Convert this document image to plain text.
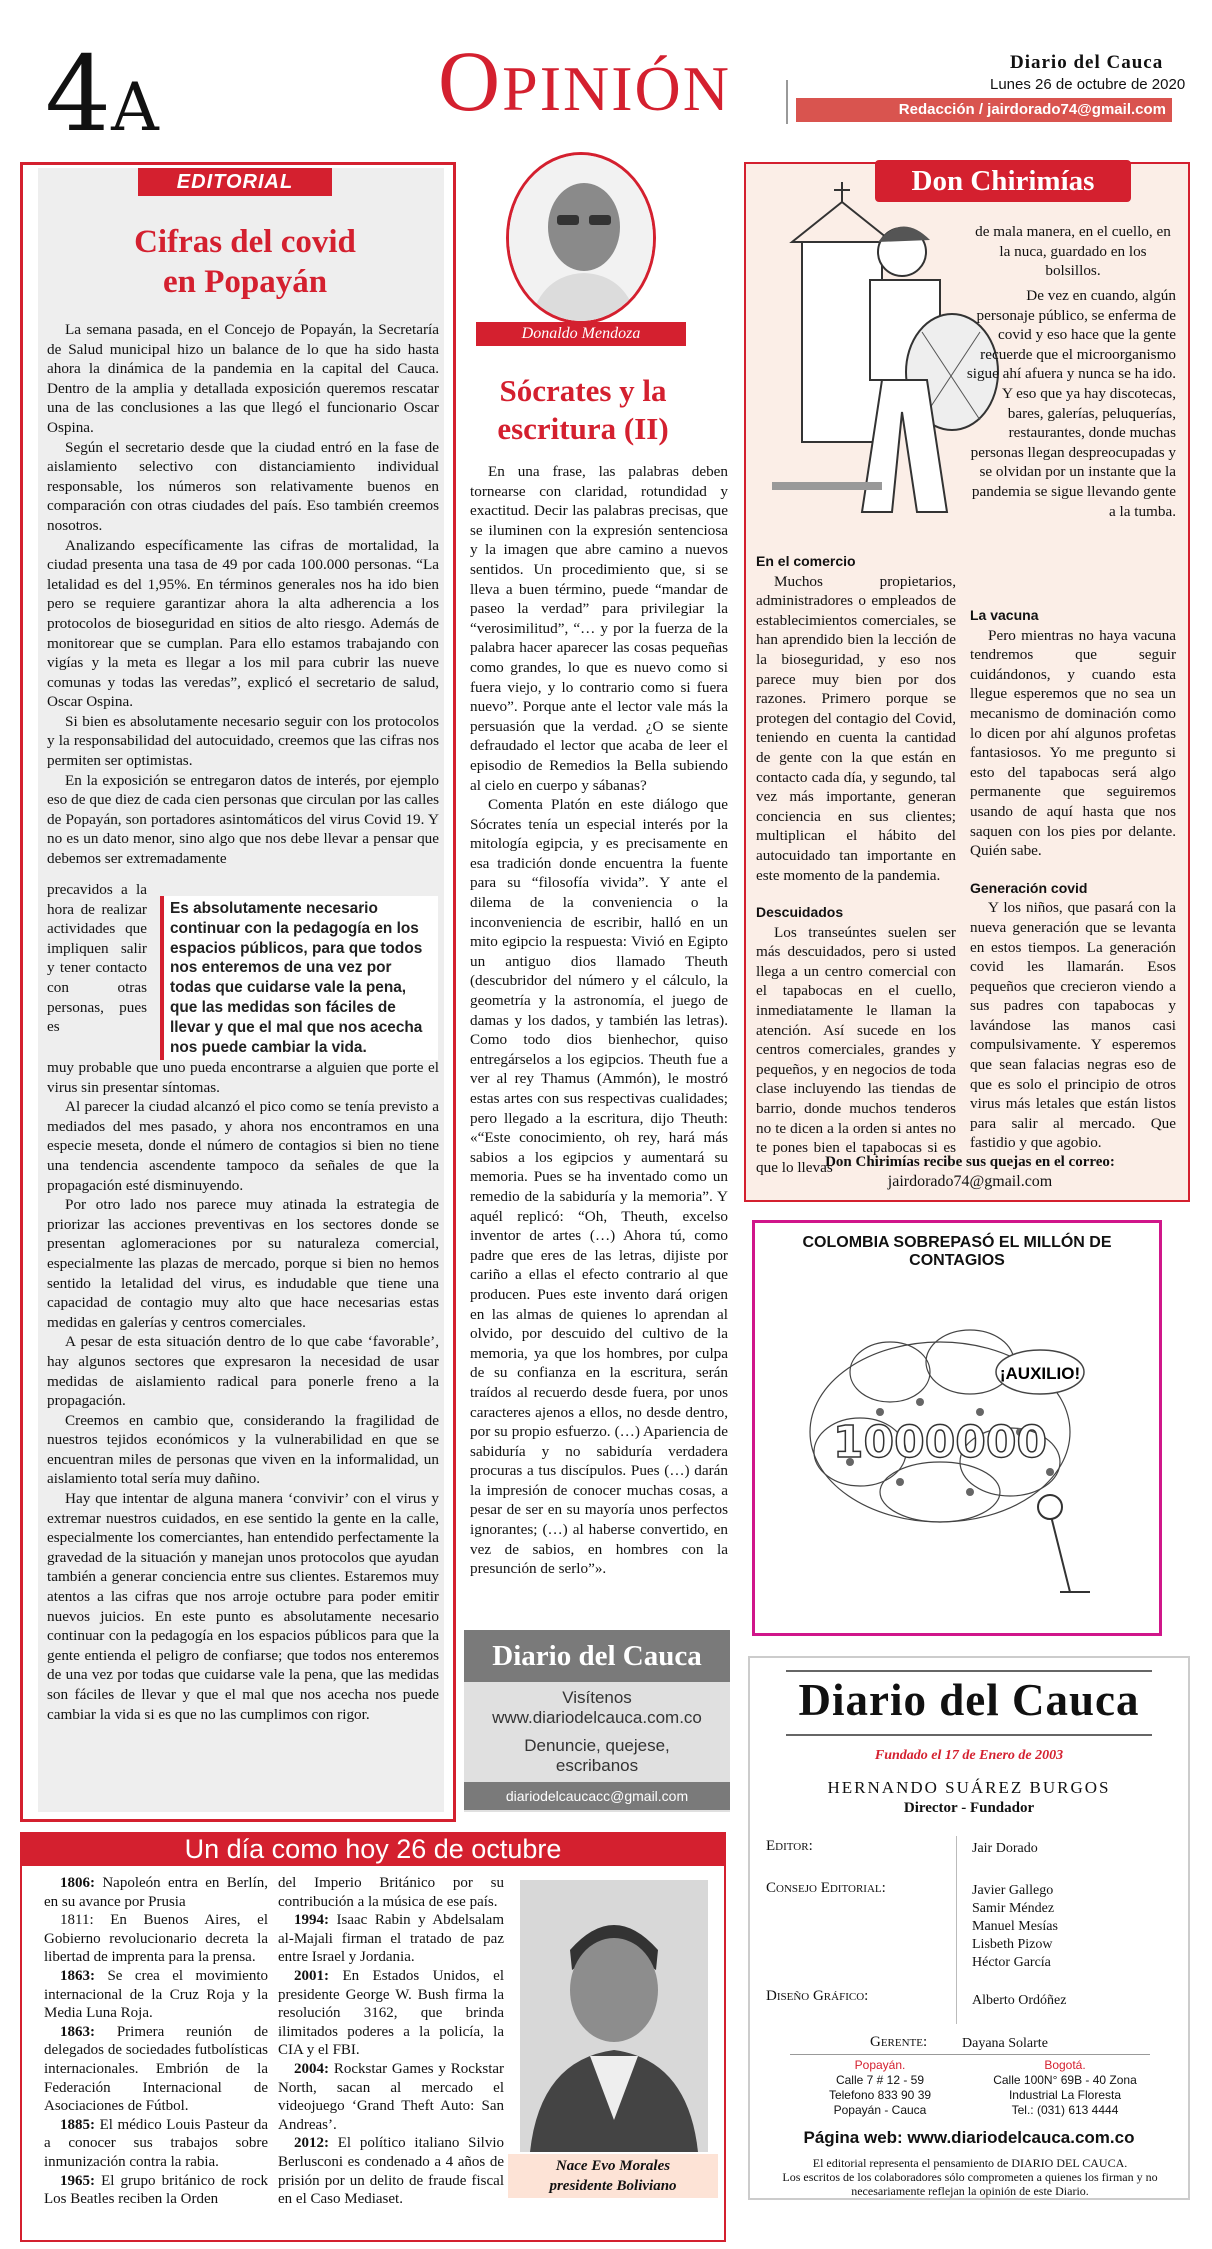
4A	OPINIÓN	Diario del Cauca
Lunes 26 de octubre de 2020
Redacción / jairdorado74@gmail.com
EDITORIAL
Cifras del covid
en Popayán

La semana pasada, en el Concejo de Popayán, la Secretaría de Salud municipal hizo un balance de lo que ha sido hasta ahora la dinámica de la pandemia en la capital del Cauca. Dentro de la amplia y detallada exposición queremos rescatar una de las conclusiones a las que llegó el funcionario Oscar Ospina.

Según el secretario desde que la ciudad entró en la fase de aislamiento selectivo con distanciamiento individual responsable, los números son relativamente buenos en comparación con otras ciudades del país. Eso también creemos nosotros.

Analizando específicamente las cifras de mortalidad, la ciudad presenta una tasa de 49 por cada 100.000 personas. “La letalidad es del 1,95%. En términos generales nos ha ido bien pero se requiere garantizar ahora la alta adherencia a los protocolos de bioseguridad en sitios de alto riesgo. Además de monitorear que se cumplan. Para ello estamos trabajando con vigías y la meta es llegar a los mil para cubrir las nueve comunas y todas las veredas”, explicó el secretario de salud, Oscar Ospina.

Si bien es absolutamente necesario seguir con los protocolos y la responsabilidad del autocuidado, creemos que las cifras nos permiten ser optimistas.

En la exposición se entregaron datos de interés, por ejemplo eso de que diez de cada cien personas que circulan por las calles de Popayán, son portadores asintomáticos del virus Covid 19. Y no es un dato menor, sino algo que nos debe llevar a pensar que debemos ser extremadamente

precavidos a la hora de realizar actividades que impliquen salir y tener contacto con otras personas, pues es
Es absolutamente necesario continuar con la pedagogía en los espacios públicos, para que todos nos enteremos de una vez por todas que cuidarse vale la pena, que las medidas son fáciles de llevar y que el mal que nos acecha nos puede cambiar la vida.

muy probable que uno pueda encontrarse a alguien que porte el virus sin presentar síntomas.

Al parecer la ciudad alcanzó el pico como se tenía previsto a mediados del mes pasado, y ahora nos encontramos en una especie meseta, donde el número de contagios si bien no tiene una tendencia ascendente tampoco da señales de que la propagación esté disminuyendo.

Por otro lado nos parece muy atinada la estrategia de priorizar las acciones preventivas en los sectores donde se presentan aglomeraciones por su naturaleza comercial, especialmente las plazas de mercado, porque si bien no hemos sentido la letalidad del virus, es indudable que tiene una capacidad de contagio muy alto que hace necesarias estas medidas en galerías y centros comerciales.

A pesar de esta situación dentro de lo que cabe ‘favorable’, hay algunos sectores que expresaron la necesidad de usar medidas de aislamiento radical para ponerle freno a la propagación.

Creemos en cambio que, considerando la fragilidad de nuestros tejidos económicos y la vulnerabilidad en que se encuentran miles de personas que viven en la informalidad, un aislamiento total sería muy dañino.

Hay que intentar de alguna manera ‘convivir’ con el virus y extremar nuestros cuidados, en ese sentido la gente en la calle, especialmente los comerciantes, han entendido perfectamente la gravedad de la situación y manejan unos protocolos que ayudan también a generar conciencia entre sus clientes. Estaremos muy atentos a las cifras que nos arroje octubre para poder emitir nuevos juicios. En este punto es absolutamente necesario continuar con la pedagogía en los espacios públicos para que la gente entienda el peligro de confiarse; que todos nos enteremos de una vez por todas que cuidarse vale la pena, que las medidas son fáciles de llevar y que el mal que nos acecha nos puede cambiar la vida si es que no las cumplimos con rigor.

Donaldo Mendoza
Sócrates y la
escritura (II)

En una frase, las palabras deben tornearse con claridad, rotundidad y exactitud. Decir las palabras precisas, que se iluminen con la expresión sentenciosa y la imagen que abre camino a nuevos sentidos. Un procedimiento que, si se lleva a buen término, puede “mandar de paseo la verdad” para privilegiar la “verosimilitud”, “… y por la fuerza de la palabra hacer aparecer las cosas pequeñas como grandes, lo que es nuevo como si fuera viejo, y lo contrario como si fuera nuevo”. Porque ante el lector vale más la persuasión que la verdad. ¿O se siente defraudado el lector que acaba de leer el episodio de Remedios la Bella subiendo al cielo en cuerpo y sábanas?

Comenta Platón en este diálogo que Sócrates tenía un especial interés por la mitología egipcia, y es precisamente en esa tradición donde encuentra la fuente para su “filosofía vivida”. Y ante el dilema de la conveniencia o la inconveniencia de escribir, halló en un mito egipcio la respuesta: Vivió en Egipto un antiguo dios llamado Theuth (descubridor del número y el cálculo, la geometría y la astronomía, el juego de damas y los dados, y también las letras). Como todo dios bienhechor, quiso entregárselos a los egipcios. Theuth fue a ver al rey Thamus (Ammón), le mostró estas artes con sus respectivas cualidades; pero llegado a la escritura, dijo Theuth: «“Este conocimiento, oh rey, hará más sabios a los egipcios y aumentará su memoria. Pues se ha inventado como un remedio de la sabiduría y la memoria”. Y aquél replicó: “Oh, Theuth, excelso inventor de artes (…) Ahora tú, como padre que eres de las letras, dijiste por cariño a ellas el efecto contrario al que producen. Pues este invento dará origen en las almas de quienes lo aprendan al olvido, por descuido del cultivo de la memoria, ya que los hombres, por culpa de su confianza en la escritura, serán traídos al recuerdo desde fuera, por unos caracteres ajenos a ellos, no desde dentro, por su propio esfuerzo. (…) Apariencia de sabiduría y no sabiduría verdadera procuras a tus discípulos. Pues (…) darán la impresión de conocer muchas cosas, a pesar de ser en su mayoría unos perfectos ignorantes; (…) al haberse convertido, en vez de sabios, en hombres con la presunción de serlo”».

Diario del Cauca
Visítenos
www.diariodelcauca.com.co
Denuncie, quejese,
escribanos
diariodelcaucacc@gmail.com
Don Chirimías
de mala manera, en el cuello, en la nuca, guardado en los bolsillos.
De vez en cuando, algún personaje público, se enferma de covid y eso hace que la gente recuerde que el microorganismo sigue ahí afuera y nunca se ha ido. Y eso que ya hay discotecas, bares, galerías, peluquerías, restaurantes, donde muchas personas llegan despreocupadas y se olvidan por un instante que la pandemia se sigue llevando gente a la tumba.
En el comercio

Muchos propietarios, administradores o empleados de establecimientos comerciales, se han aprendido bien la lección de la bioseguridad, y eso nos parece muy bien por dos razones. Primero porque se protegen del contagio del Covid, teniendo en cuenta la cantidad de gente con la que están en contacto cada día, y segundo, tal vez más importante, generan conciencia en sus clientes; multiplican el hábito del autocuidado tan importante en este momento de la pandemia.

Descuidados

Los transeúntes suelen ser más descuidados, pero si usted llega a un centro comercial con el tapabocas en el cuello, inmediatamente le llaman la atención. Así sucede en los centros comerciales, grandes y pequeños, y en negocios de toda clase incluyendo las tiendas de barrio, donde muchos tenderos no te dicen a la orden si antes no te pones bien el tapabocas si es que lo llevas

La vacuna

Pero mientras no haya vacuna tendremos que seguir cuidándonos, y cuando esta llegue esperemos que no sea un mecanismo de dominación como lo dicen por ahí algunos profetas fantasiosos. Yo me pregunto si esto del tapabocas será algo permanente que seguiremos usando de aquí hasta que nos saquen con los pies por delante. Quién sabe.

Generación covid

Y los niños, que pasará con la nueva generación que se levanta en estos tiempos. La generación covid les llamarán. Esos pequeños que crecieron viendo a sus padres con tapabocas y lavándose las manos casi compulsivamente. Y esperemos que sean falacias negras eso de que es solo el principio de otros virus más letales que están listos para salir al mercado. Que fastidio y que agobio.

Don Chirimías recibe sus quejas en el correo:
jairdorado74@gmail.com
COLOMBIA SOBREPASÓ EL MILLÓN DE CONTAGIOS
¡AUXILIO!
1000000
Diario del Cauca
Fundado el 17 de Enero de 2003
HERNANDO SUÁREZ BURGOS
Director - Fundador
Editor:	Jair Dorado
Consejo Editorial:	Javier Gallego
Samir Méndez
Manuel Mesías
Lisbeth Pizow
Héctor García
Diseño Gráfico:	Alberto Ordóñez
Gerente: Dayana Solarte
Popayán.
Calle 7 # 12 - 59
Telefono 833 90 39
Popayán - Cauca
Bogotá.
Calle 100N° 69B - 40 Zona
Industrial La Floresta
Tel.: (031) 613 4444
Página web: www.diariodelcauca.com.co
El editorial representa el pensamiento de DIARIO DEL CAUCA.
Los escritos de los colaboradores sólo comprometen a quienes los firman y no necesariamente reflejan la opinión de este Diario.
Un día como hoy 26 de octubre

1806: Napoleón entra en Berlín, en su avance por Prusia

1811: En Buenos Aires, el Gobierno revolucionario decreta la libertad de imprenta para la prensa.

1863: Se crea el movimiento internacional de la Cruz Roja y la Media Luna Roja.

1863: Primera reunión de delegados de sociedades futbolísticas internacionales. Embrión de la Federación Internacional de Asociaciones de Fútbol.

1885: El médico Louis Pasteur da a conocer sus trabajos sobre inmunización contra la rabia.

1965: El grupo británico de rock Los Beatles reciben la Orden

del Imperio Británico por su contribución a la música de ese país.

1994: Isaac Rabin y Abdelsalam al-Majali firman el tratado de paz entre Israel y Jordania.

2001: En Estados Unidos, el presidente George W. Bush firma la resolución 3162, que brinda ilimitados poderes a la policía, la CIA y el FBI.

2004: Rockstar Games y Rockstar North, sacan al mercado el videojuego ‘Grand Theft Auto: San Andreas’.

2012: El político italiano Silvio Berlusconi es condenado a 4 años de prisión por un delito de fraude fiscal en el Caso Mediaset.

Nace Evo Morales
presidente Boliviano
